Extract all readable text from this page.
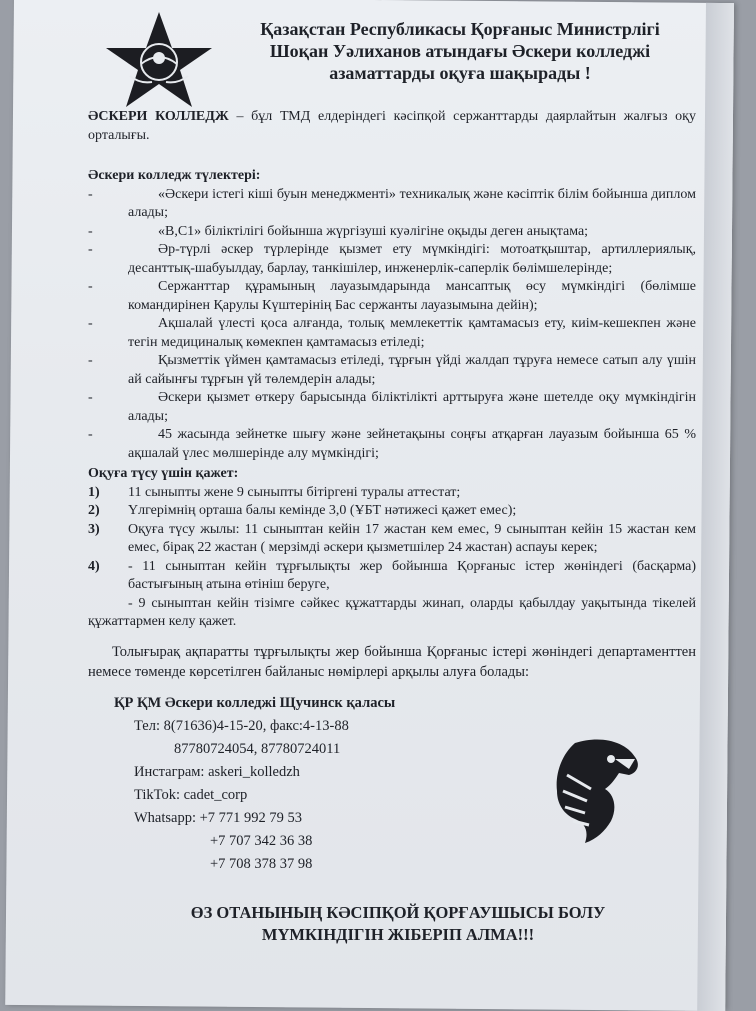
Қазақстан Республикасы Қорғаныс Министрлігі
Шоқан Уәлиханов атындағы Әскери колледжі
азаматтарды оқуға шақырады !

ӘСКЕРИ КОЛЛЕДЖ – бұл ТМД елдеріндегі кәсіпқой сержанттарды даярлайтын жалғыз оқу орталығы.

Әскери колледж түлектері:
-	«Әскери істегі кіші буын менеджменті» техникалық және кәсіптік білім бойынша диплом алады;
-	«B,C1» біліктілігі бойынша жүргізуші куәлігіне оқыды деген анықтама;
-	Әр-түрлі әскер түрлерінде қызмет ету мүмкіндігі: мотоатқыштар, артиллериялық, десанттық-шабуылдау, барлау, танкішілер, инженерлік-саперлік бөлімшелерінде;
-	Сержанттар құрамының лауазымдарында мансаптық өсу мүмкіндігі (бөлімше командирінен Қарулы Күштерінің Бас сержанты лауазымына дейін);
-	Ақшалай үлесті қоса алғанда, толық мемлекеттік қамтамасыз ету, киім-кешекпен және тегін медициналық көмекпен қамтамасыз етіледі;
-	Қызметтік үймен қамтамасыз етіледі, тұрғын үйді жалдап тұруға немесе сатып алу үшін ай сайынғы тұрғын үй төлемдерін алады;
-	Әскери қызмет өткеру барысында біліктілікті арттыруға және шетелде оқу мүмкіндігін алады;
-	45 жасында зейнетке шығу және зейнетақыны соңғы атқарған лауазым бойынша 65 % ақшалай үлес мөлшерінде алу мүмкіндігі;
Оқуға түсу үшін қажет:
1)	11 сыныпты жене 9 сыныпты бітіргені туралы аттестат;
2)	Үлгерімнің орташа балы кемінде 3,0 (ҰБТ нәтижесі қажет емес);
3)	Оқуға түсу жылы: 11 сыныптан кейін 17 жастан кем емес, 9 сыныптан кейін 15 жастан кем емес, бірақ 22 жастан ( мерзімді әскери қызметшілер 24 жастан) аспауы керек;
4)	- 11 сыныптан кейін тұрғылықты жер бойынша Қорғаныс істер жөніндегі (басқарма) бастығының атына өтініш беруге,

- 9 сыныптан кейін тізімге сәйкес құжаттарды жинап, оларды қабылдау уақытында тікелей құжаттармен келу қажет.

Толығырақ ақпаратты тұрғылықты жер бойынша Қорғаныс істері жөніндегі департаменттен немесе төменде көрсетілген байланыс нөмірлері арқылы алуға болады:

ҚР ҚМ Әскери колледжі Щучинск қаласы
Тел: 8(71636)4-15-20, факс:4-13-88
87780724054, 87780724011
Инстаграм: askeri_kolledzh
TikTok: cadet_corp
Whatsapp: +7 771 992 79 53
+7 707 342 36 38
+7 708 378 37 98
ӨЗ ОТАНЫНЫҢ КӘСІПҚОЙ ҚОРҒАУШЫСЫ БОЛУ
МҮМКІНДІГІН ЖІБЕРІП АЛМА!!!
